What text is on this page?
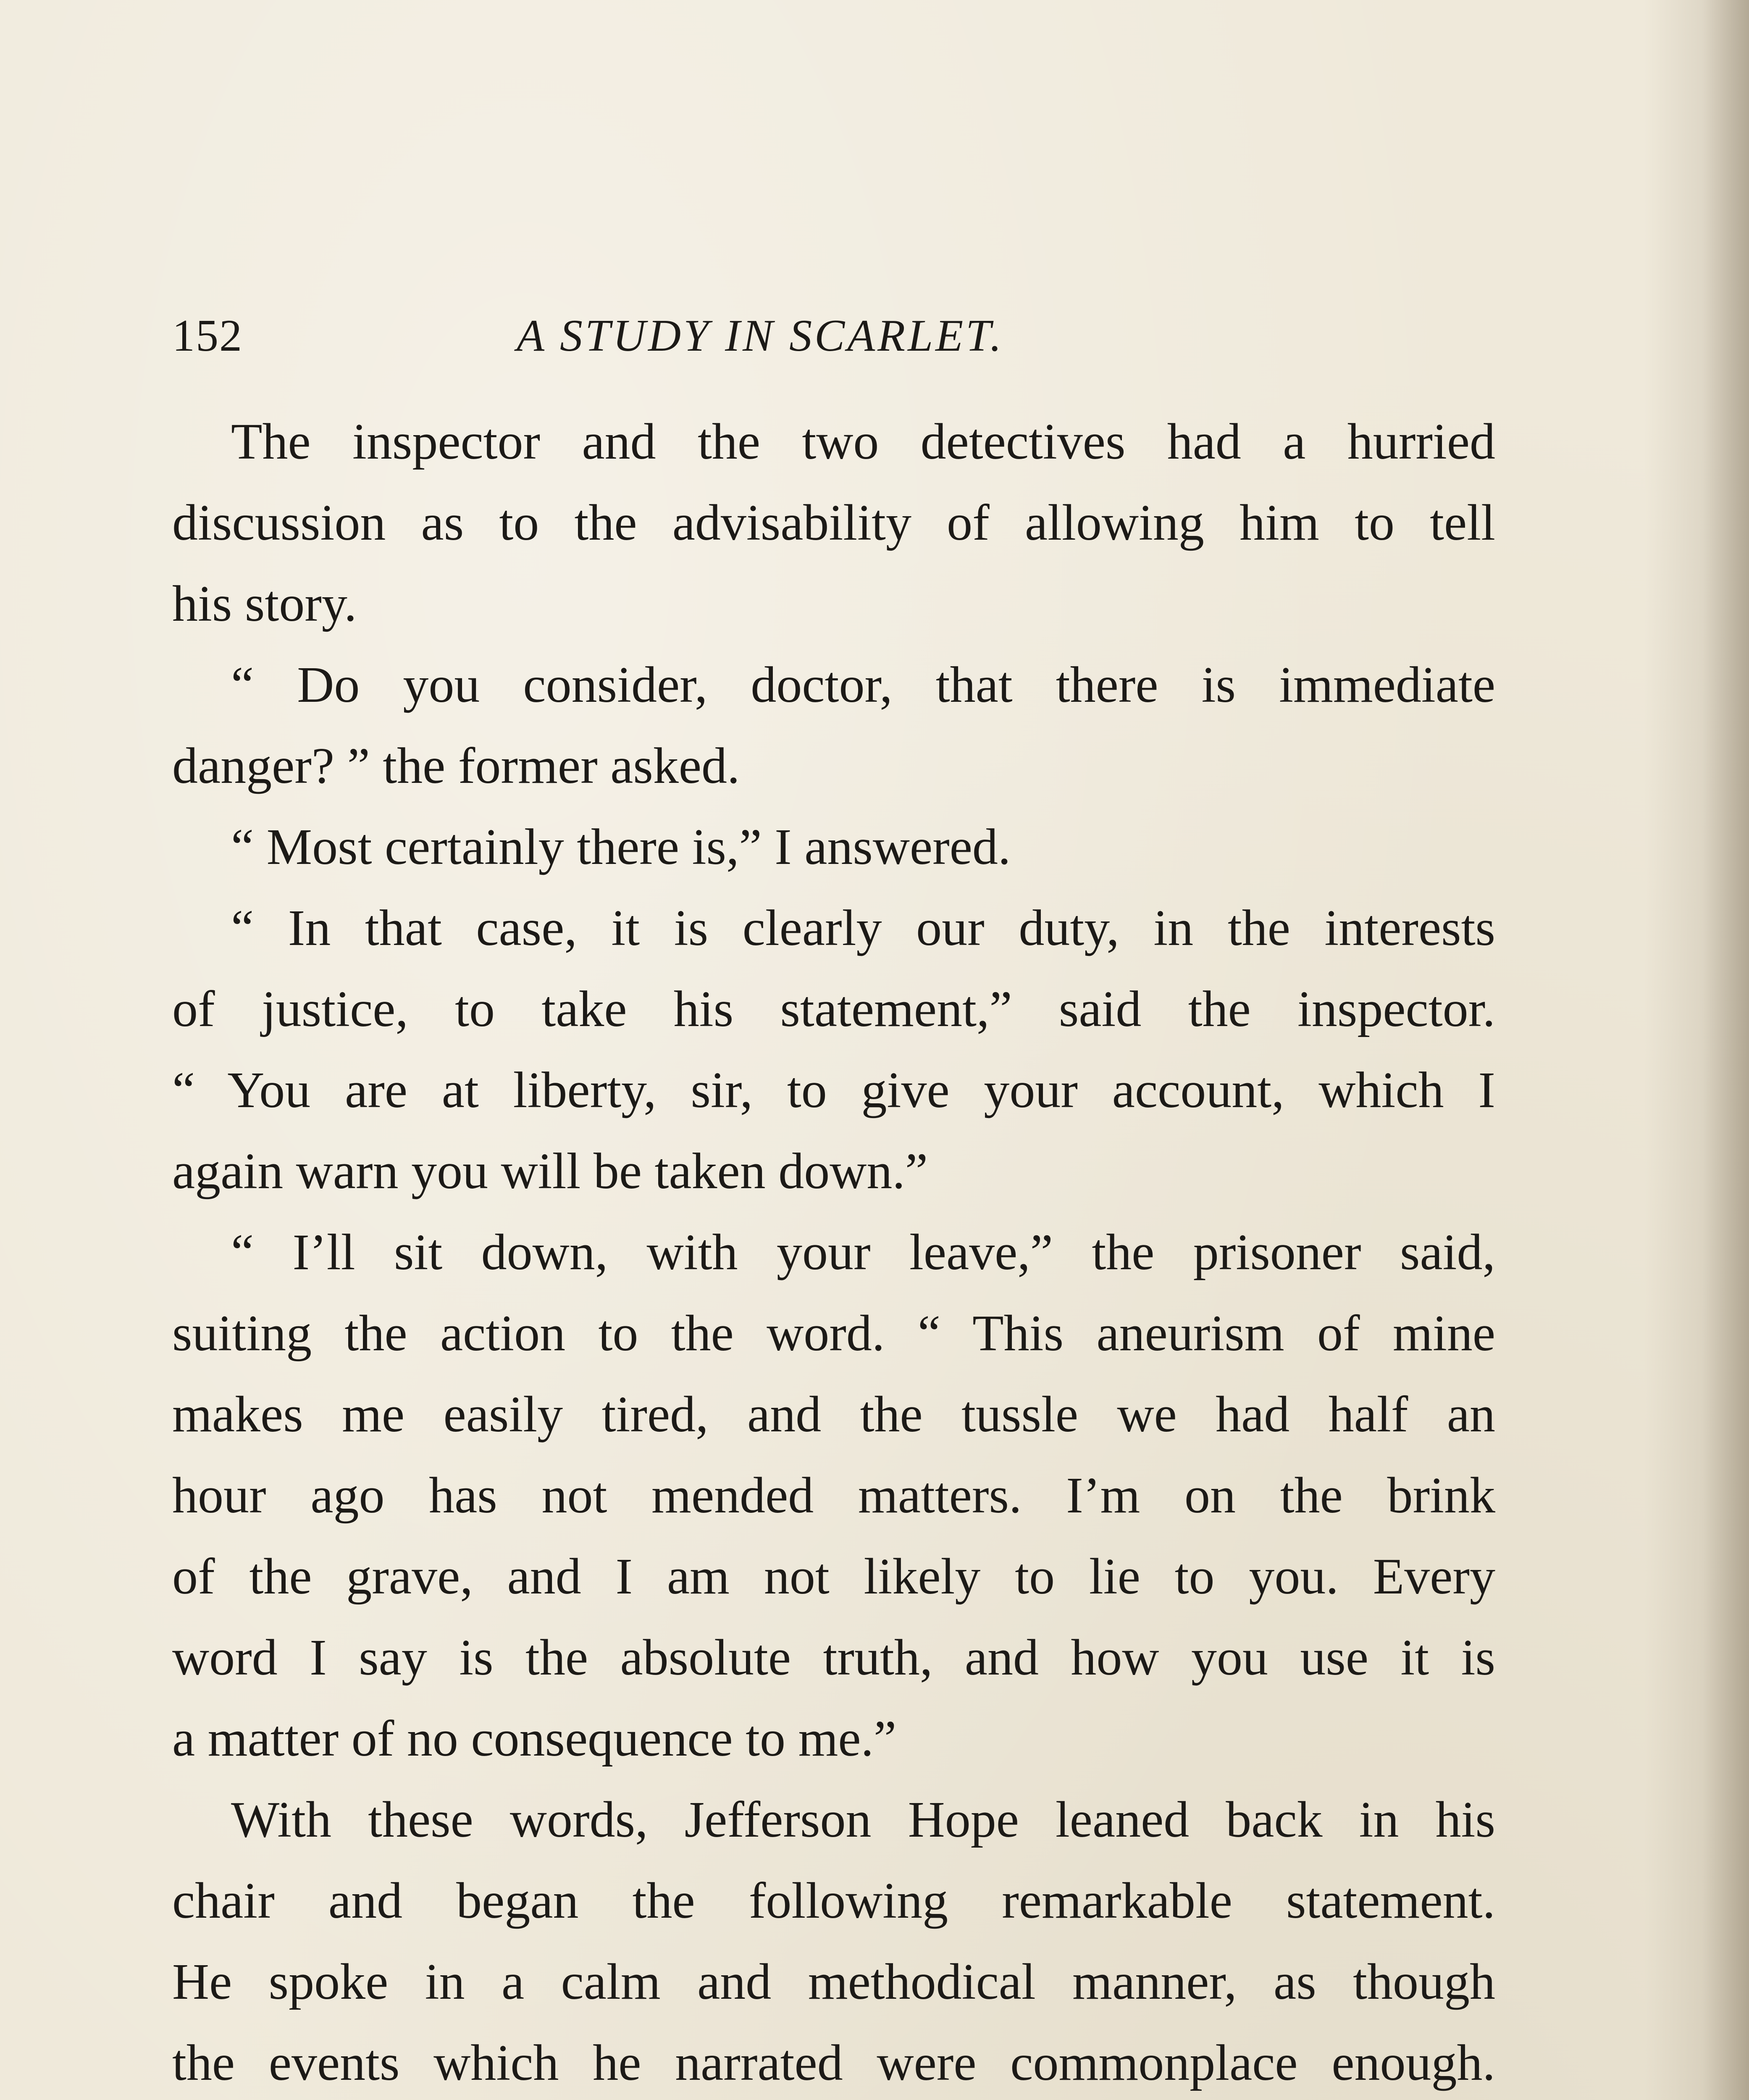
152	A STUDY IN SCARLET.
The inspector and the two detectives had a hurried
discussion as to the advisability of allowing him to tell
his story.
“ Do you consider, doctor, that there is immediate
danger? ” the former asked.
“ Most certainly there is,” I answered.
“ In that case, it is clearly our duty, in the interests
of justice, to take his statement,” said the inspector.
“ You are at liberty, sir, to give your account, which I
again warn you will be taken down.”
“ I’ll sit down, with your leave,” the prisoner said,
suiting the action to the word. “ This aneurism of mine
makes me easily tired, and the tussle we had half an
hour ago has not mended matters. I’m on the brink
of the grave, and I am not likely to lie to you. Every
word I say is the absolute truth, and how you use it is
a matter of no consequence to me.”
With these words, Jefferson Hope leaned back in his
chair and began the following remarkable statement.
He spoke in a calm and methodical manner, as though
the events which he narrated were commonplace enough.
